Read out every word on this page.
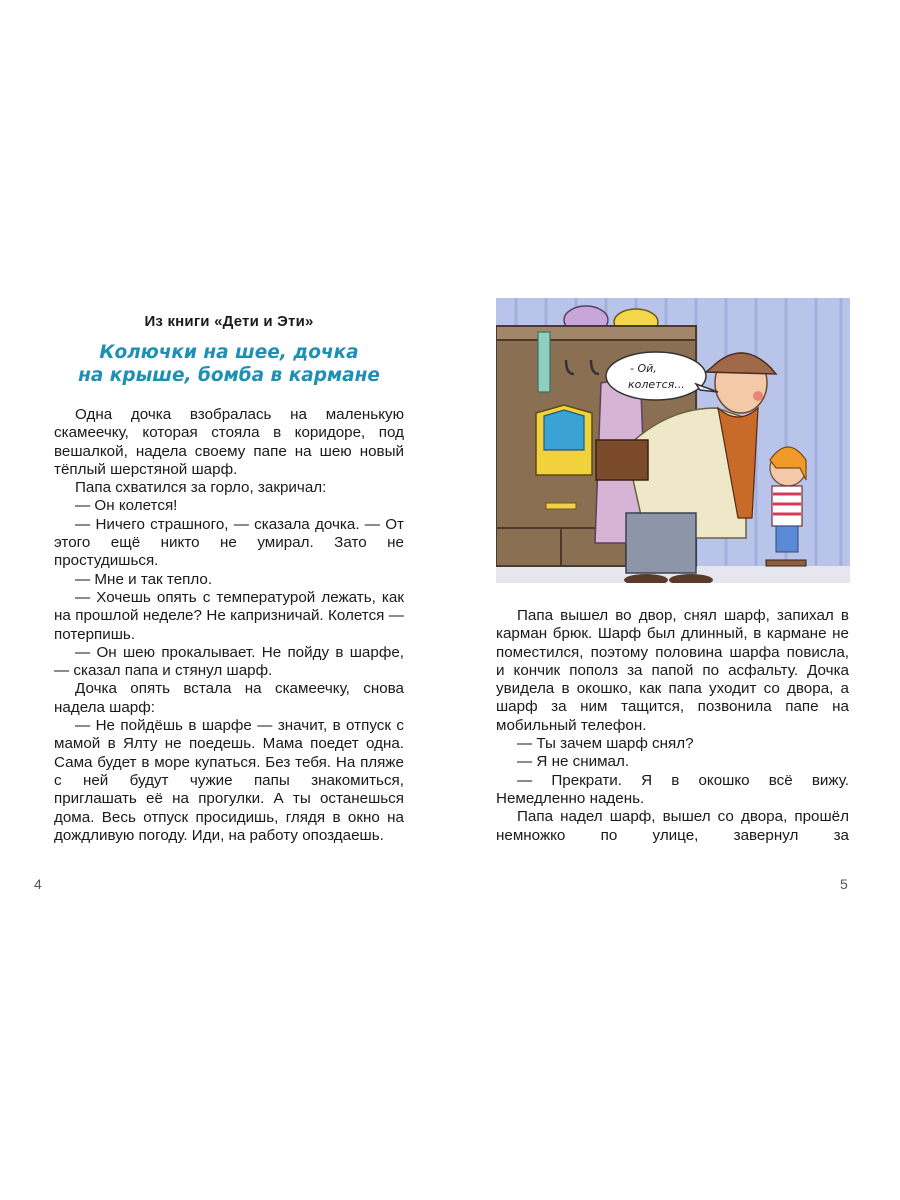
Из книги «Дети и Эти»
Колючки на шее, дочка
на крыше, бомба в кармане

Одна дочка взобралась на маленькую скамеечку, которая стояла в коридоре, под вешалкой, надела своему папе на шею новый тёплый шерстяной шарф.

Папа схватился за горло, закричал:

— Он колется!

— Ничего страшного, — сказала дочка. — От этого ещё никто не умирал. Зато не простудишься.

— Мне и так тепло.

— Хочешь опять с температурой лежать, как на прошлой неделе? Не капризничай. Колется — потерпишь.

— Он шею прокалывает. Не пойду в шарфе, — сказал папа и стянул шарф.

Дочка опять встала на скамеечку, снова надела шарф:

— Не пойдёшь в шарфе — значит, в отпуск с мамой в Ялту не поедешь. Мама поедет одна. Сама будет в море купаться. Без тебя. На пляже с ней будут чужие папы знакомиться, приглашать её на прогулки. А ты останешься дома. Весь отпуск просидишь, глядя в окно на дождливую погоду. Иди, на работу опоздаешь.

- Ой,
колется...

Папа вышел во двор, снял шарф, запихал в карман брюк. Шарф был длинный, в кармане не поместился, поэтому половина шарфа повисла, и кончик пополз за папой по асфальту. Дочка увидела в окошко, как папа уходит со двора, а шарф за ним тащится, позвонила папе на мобильный телефон.

— Ты зачем шарф снял?

— Я не снимал.

— Прекрати. Я в окошко всё вижу. Немедленно надень.

Папа надел шарф, вышел со двора, прошёл немножко по улице, завернул за

4	5
